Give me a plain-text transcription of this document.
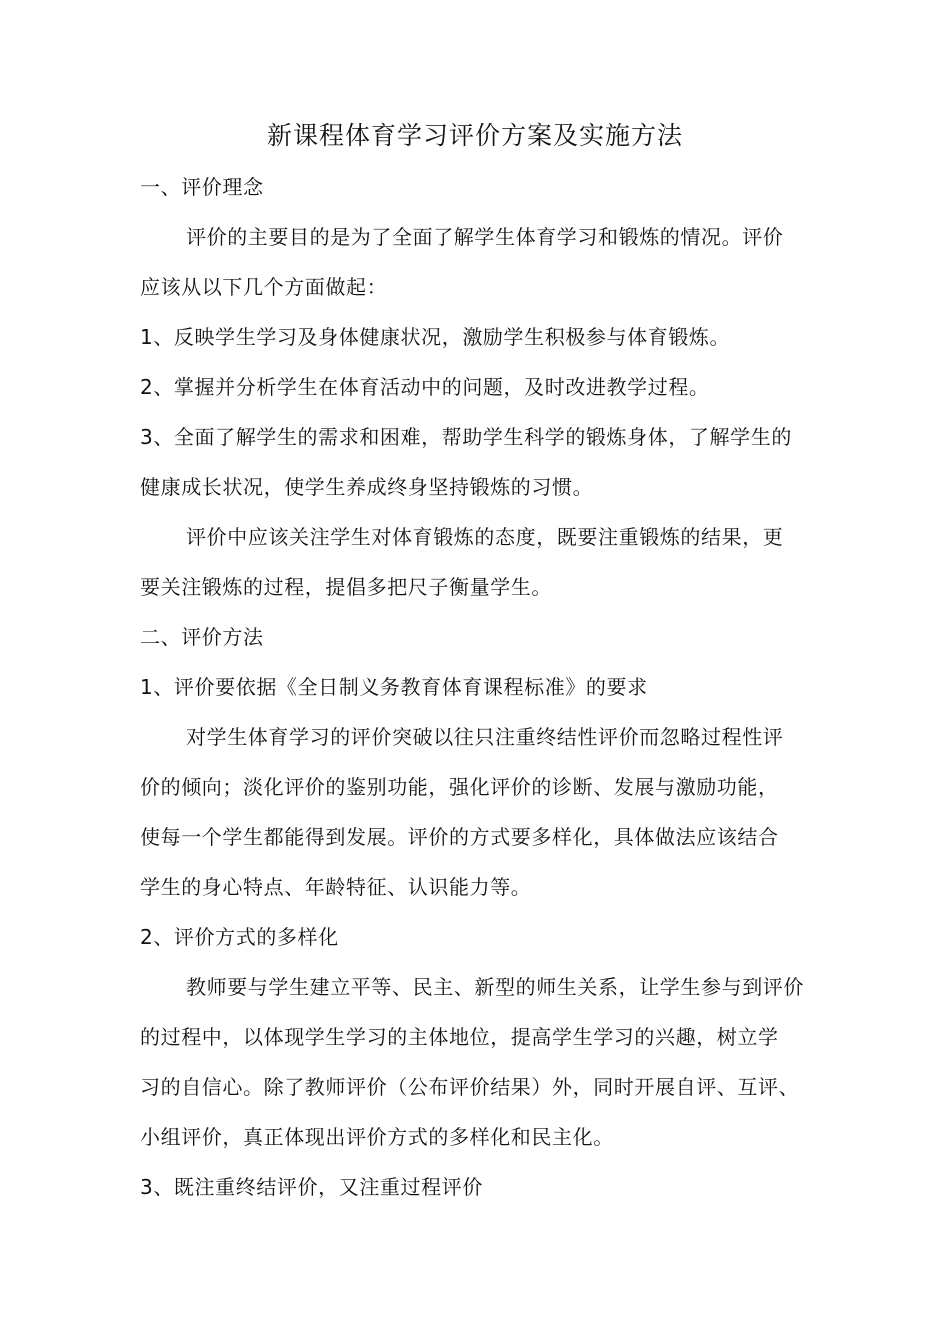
新课程体育学习评价方案及实施方法
一、评价理念
评价的主要目的是为了全面了解学生体育学习和锻炼的情况。评价
应该从以下几个方面做起：
1、反映学生学习及身体健康状况，激励学生积极参与体育锻炼。
2、掌握并分析学生在体育活动中的问题，及时改进教学过程。
3、全面了解学生的需求和困难，帮助学生科学的锻炼身体，了解学生的
健康成长状况，使学生养成终身坚持锻炼的习惯。
评价中应该关注学生对体育锻炼的态度，既要注重锻炼的结果，更
要关注锻炼的过程，提倡多把尺子衡量学生。
二、评价方法
1、评价要依据《全日制义务教育体育课程标准》的要求
对学生体育学习的评价突破以往只注重终结性评价而忽略过程性评
价的倾向；淡化评价的鉴别功能，强化评价的诊断、发展与激励功能，
使每一个学生都能得到发展。评价的方式要多样化，具体做法应该结合
学生的身心特点、年龄特征、认识能力等。
2、评价方式的多样化
教师要与学生建立平等、民主、新型的师生关系，让学生参与到评价
的过程中，以体现学生学习的主体地位，提高学生学习的兴趣，树立学
习的自信心。除了教师评价（公布评价结果）外，同时开展自评、互评、
小组评价，真正体现出评价方式的多样化和民主化。
3、既注重终结评价，又注重过程评价
